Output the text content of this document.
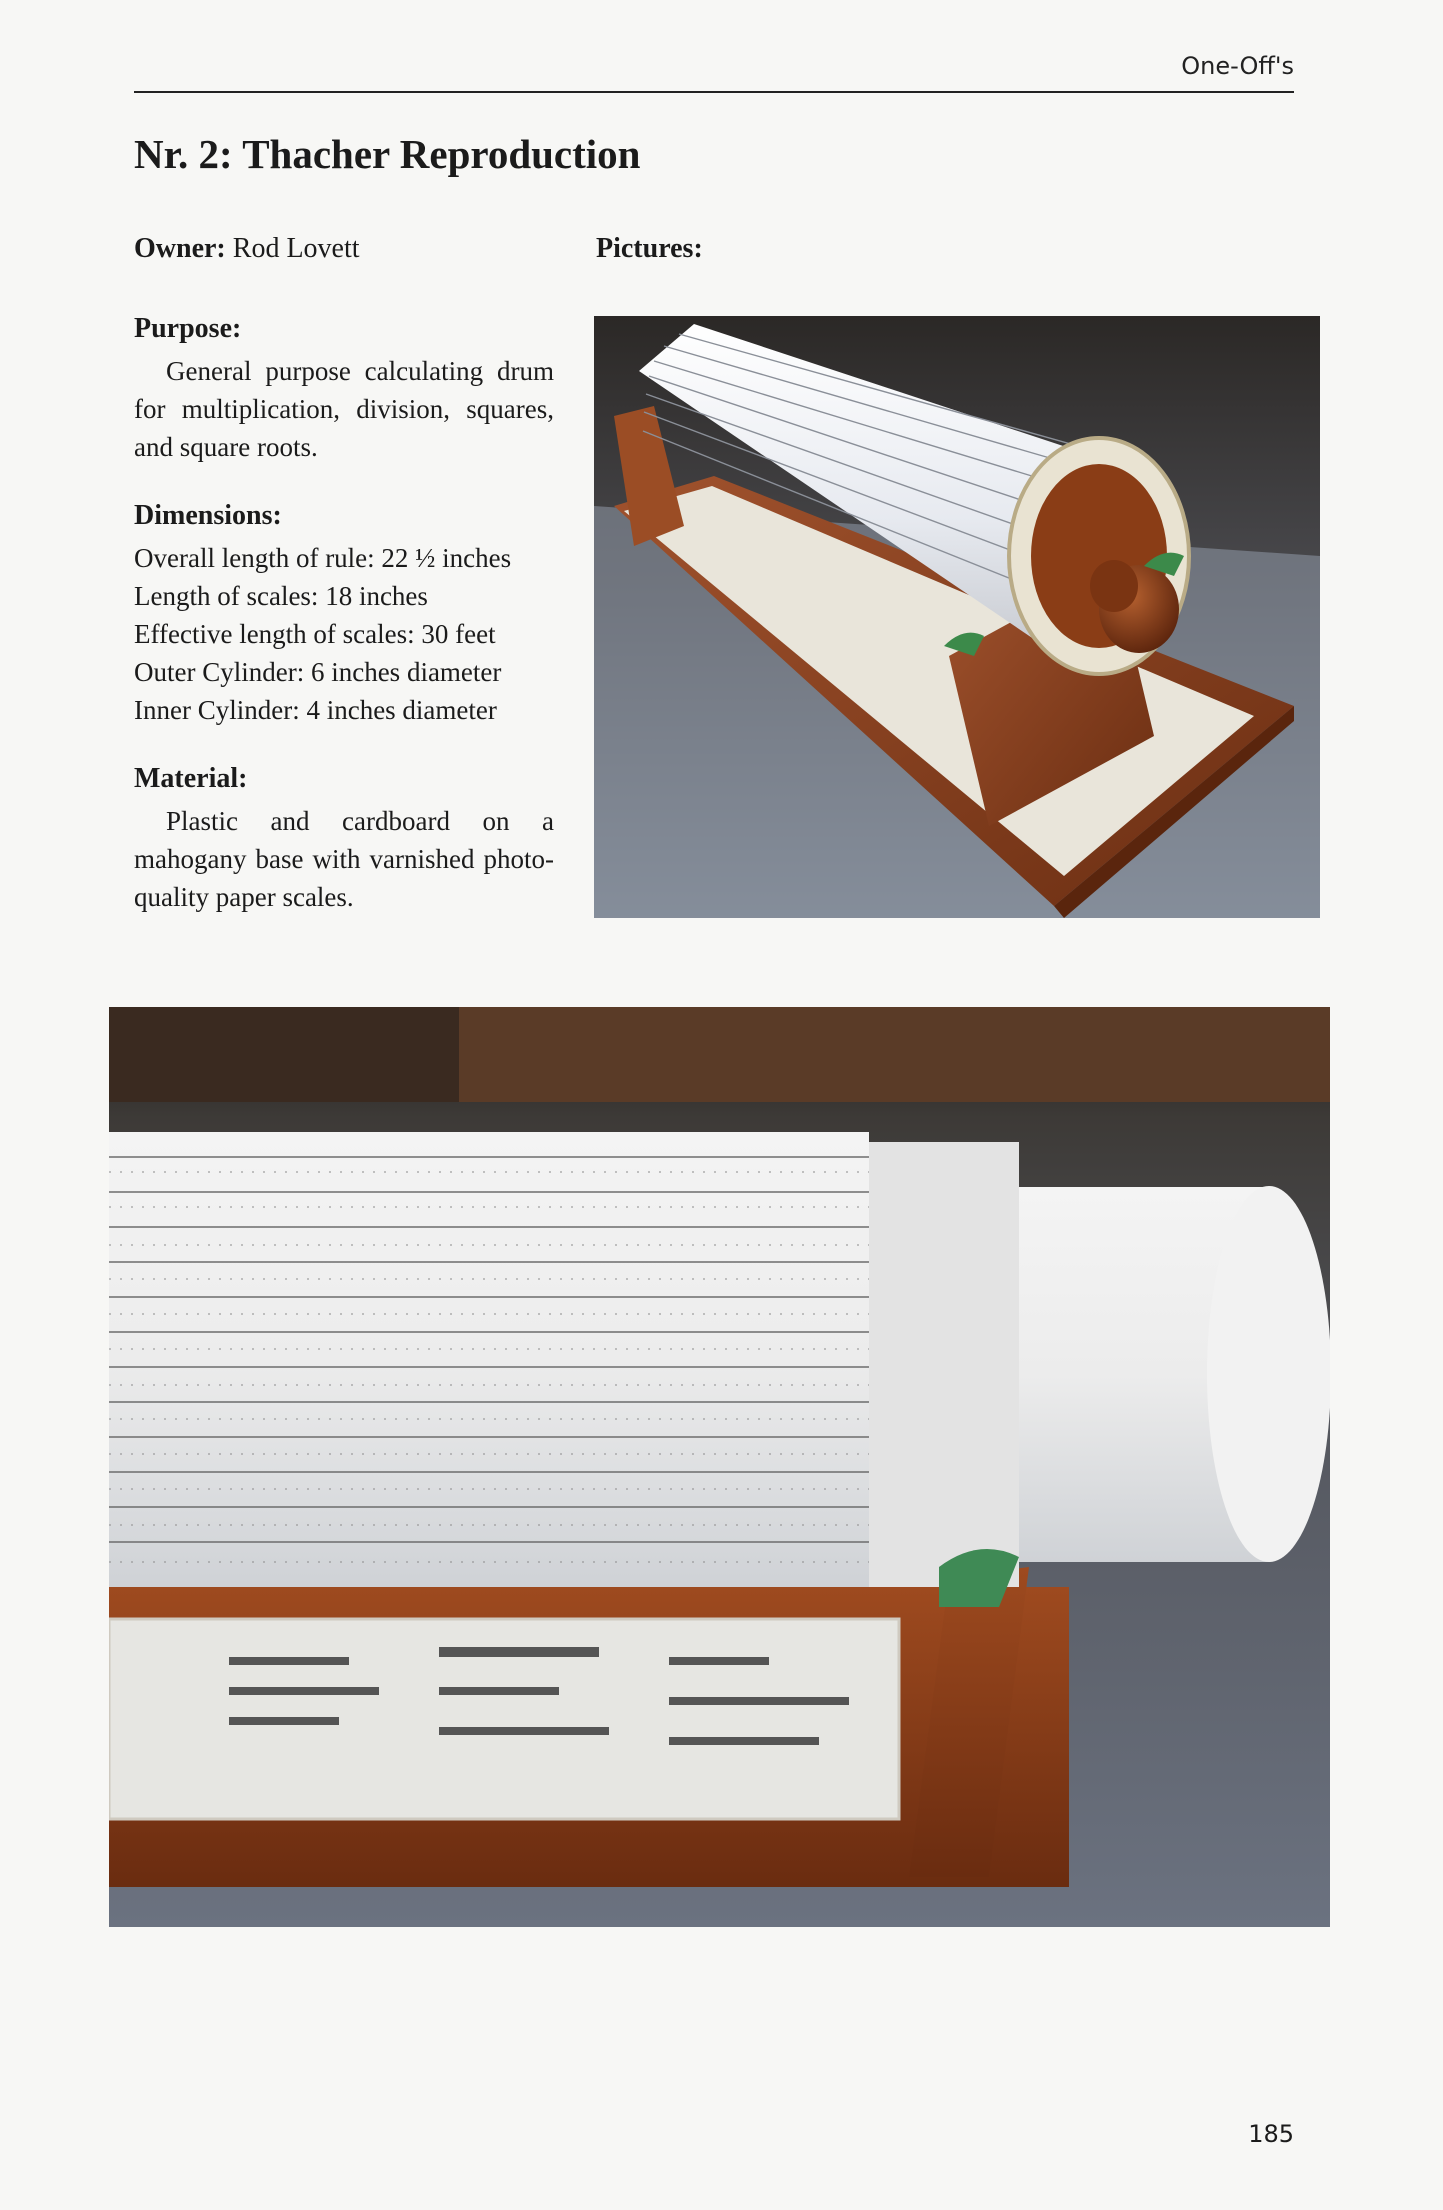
One-Off's
Nr. 2: Thacher Reproduction
Owner: Rod Lovett	Pictures:
Purpose:
General purpose calculating drum for multiplication, division, squares, and square roots.
Dimensions:
Overall length of rule: 22 ½ inches
Length of scales: 18 inches
Effective length of scales: 30 feet
Outer Cylinder: 6 inches diameter
Inner Cylinder: 4 inches diameter
Material:
Plastic and cardboard on a mahogany base with varnished photo-quality paper scales.
185
